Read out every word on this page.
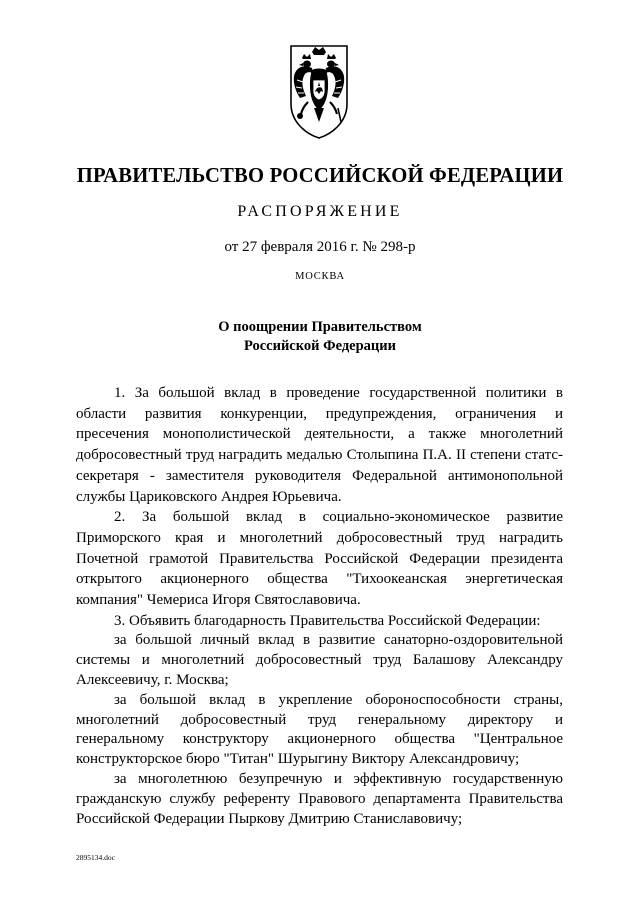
ПРАВИТЕЛЬСТВО РОССИЙСКОЙ ФЕДЕРАЦИИ
РАСПОРЯЖЕНИЕ
от 27 февраля 2016 г. № 298-р
МОСКВА
О поощрении Правительством
Российской Федерации

1. За большой вклад в проведение государственной политики в области развития конкуренции, предупреждения, ограничения и пресечения монополистической деятельности, а также многолетний добросовестный труд наградить медалью Столыпина П.А. II степени статс-секретаря - заместителя руководителя Федеральной антимонопольной службы Цариковского Андрея Юрьевича.

2. За большой вклад в социально-экономическое развитие Приморского края и многолетний добросовестный труд наградить Почетной грамотой Правительства Российской Федерации президента открытого акционерного общества "Тихоокеанская энергетическая компания" Чемериса Игоря Святославовича.

3. Объявить благодарность Правительства Российской Федерации:

за большой личный вклад в развитие санаторно-оздоровительной системы и многолетний добросовестный труд Балашову Александру Алексеевичу, г. Москва;

за большой вклад в укрепление обороноспособности страны, многолетний добросовестный труд генеральному директору и генеральному конструктору акционерного общества "Центральное конструкторское бюро "Титан" Шурыгину Виктору Александровичу;

за многолетнюю безупречную и эффективную государственную гражданскую службу референту Правового департамента Правительства Российской Федерации Пыркову Дмитрию Станиславовичу;

2895134.doc
